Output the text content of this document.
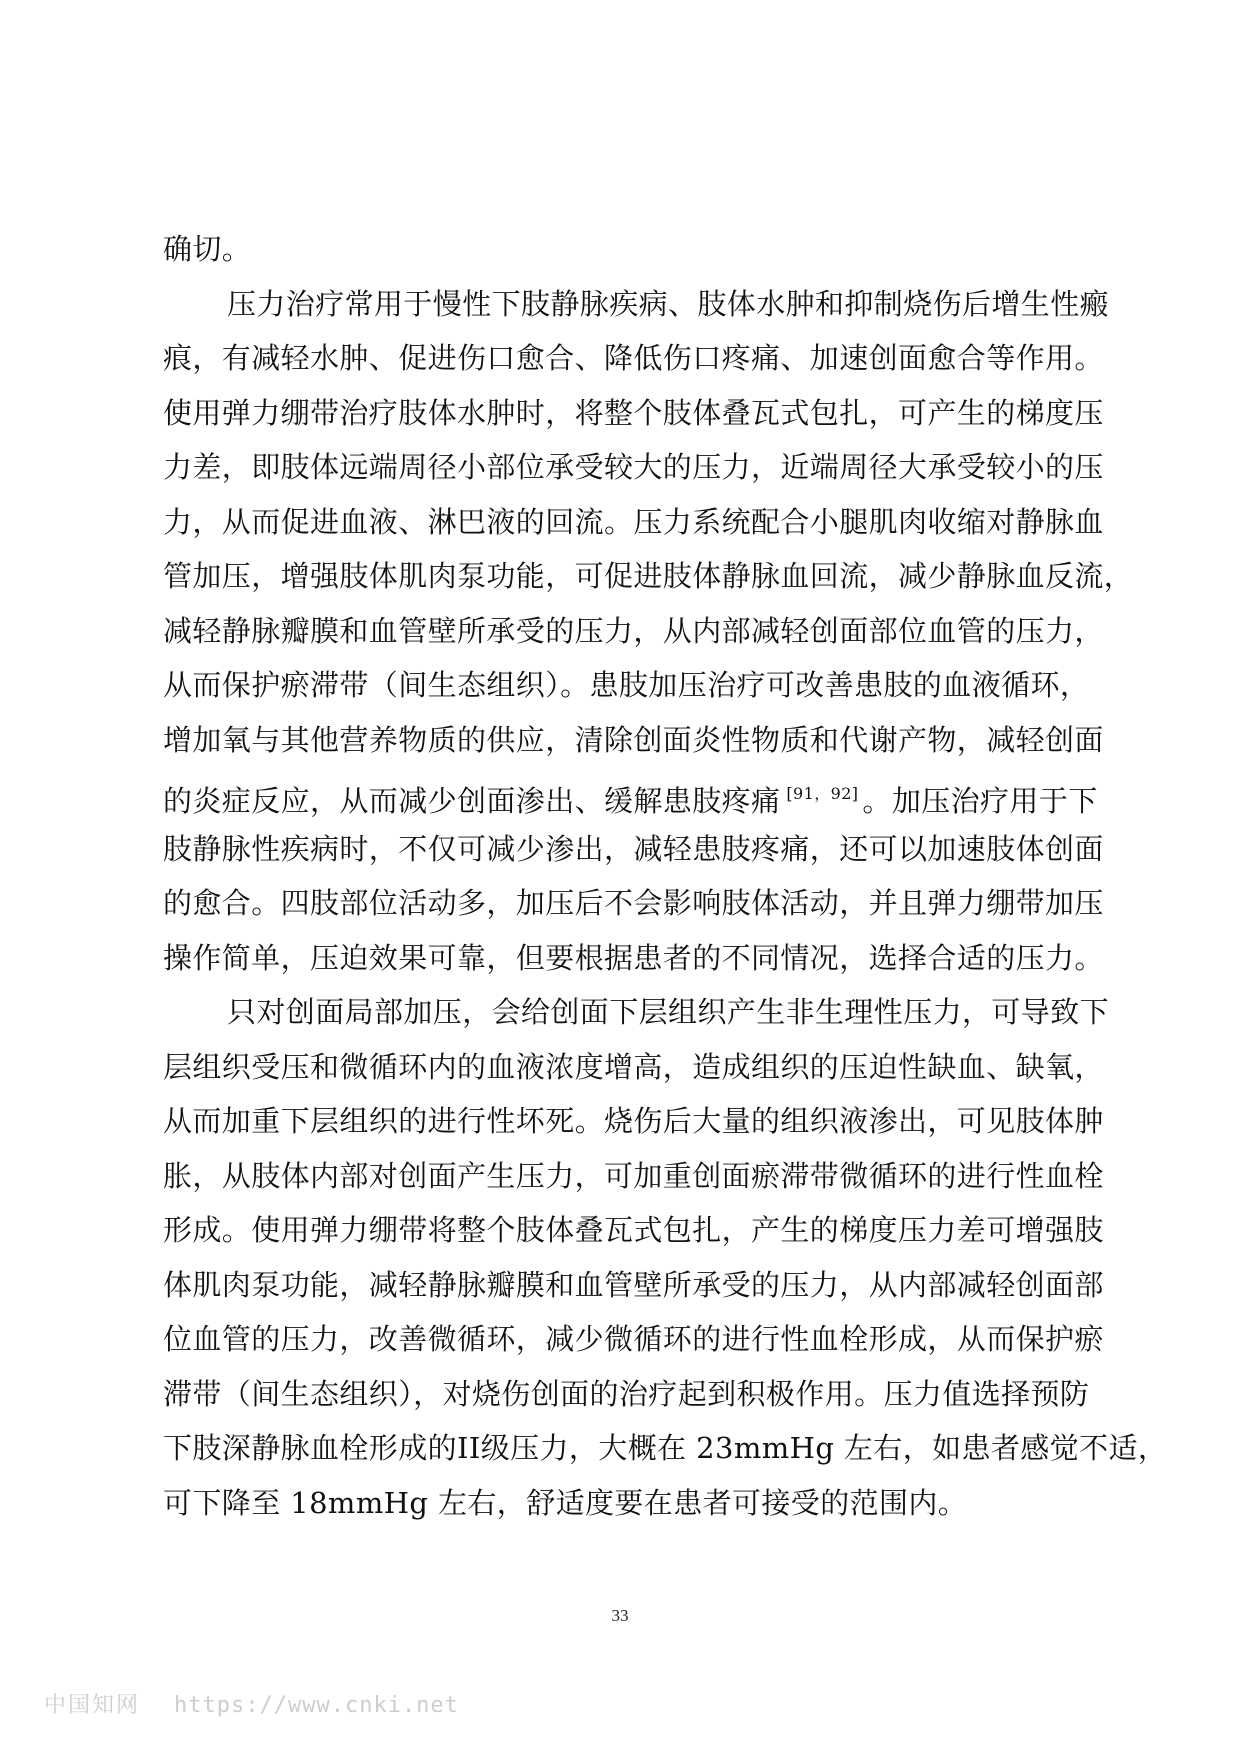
确切。
压力治疗常用于慢性下肢静脉疾病、肢体水肿和抑制烧伤后增生性瘢
痕，有减轻水肿、促进伤口愈合、降低伤口疼痛、加速创面愈合等作用。
使用弹力绷带治疗肢体水肿时，将整个肢体叠瓦式包扎，可产生的梯度压
力差，即肢体远端周径小部位承受较大的压力，近端周径大承受较小的压
力，从而促进血液、淋巴液的回流。压力系统配合小腿肌肉收缩对静脉血
管加压，增强肢体肌肉泵功能，可促进肢体静脉血回流，减少静脉血反流，
减轻静脉瓣膜和血管壁所承受的压力，从内部减轻创面部位血管的压力，
从而保护瘀滞带（间生态组织）。患肢加压治疗可改善患肢的血液循环，
增加氧与其他营养物质的供应，清除创面炎性物质和代谢产物，减轻创面
的炎症反应，从而减少创面渗出、缓解患肢疼痛 [91，92] 。加压治疗用于下
肢静脉性疾病时，不仅可减少渗出，减轻患肢疼痛，还可以加速肢体创面
的愈合。四肢部位活动多，加压后不会影响肢体活动，并且弹力绷带加压
操作简单，压迫效果可靠，但要根据患者的不同情况，选择合适的压力。
只对创面局部加压，会给创面下层组织产生非生理性压力，可导致下
层组织受压和微循环内的血液浓度增高，造成组织的压迫性缺血、缺氧，
从而加重下层组织的进行性坏死。烧伤后大量的组织液渗出，可见肢体肿
胀，从肢体内部对创面产生压力，可加重创面瘀滞带微循环的进行性血栓
形成。使用弹力绷带将整个肢体叠瓦式包扎，产生的梯度压力差可增强肢
体肌肉泵功能，减轻静脉瓣膜和血管壁所承受的压力，从内部减轻创面部
位血管的压力，改善微循环，减少微循环的进行性血栓形成，从而保护瘀
滞带（间生态组织），对烧伤创面的治疗起到积极作用。压力值选择预防
下肢深静脉血栓形成的II级压力，大概在 23mmHg 左右，如患者感觉不适，
可下降至 18mmHg 左右，舒适度要在患者可接受的范围内。
33
中国知网 https://www.cnki.net
